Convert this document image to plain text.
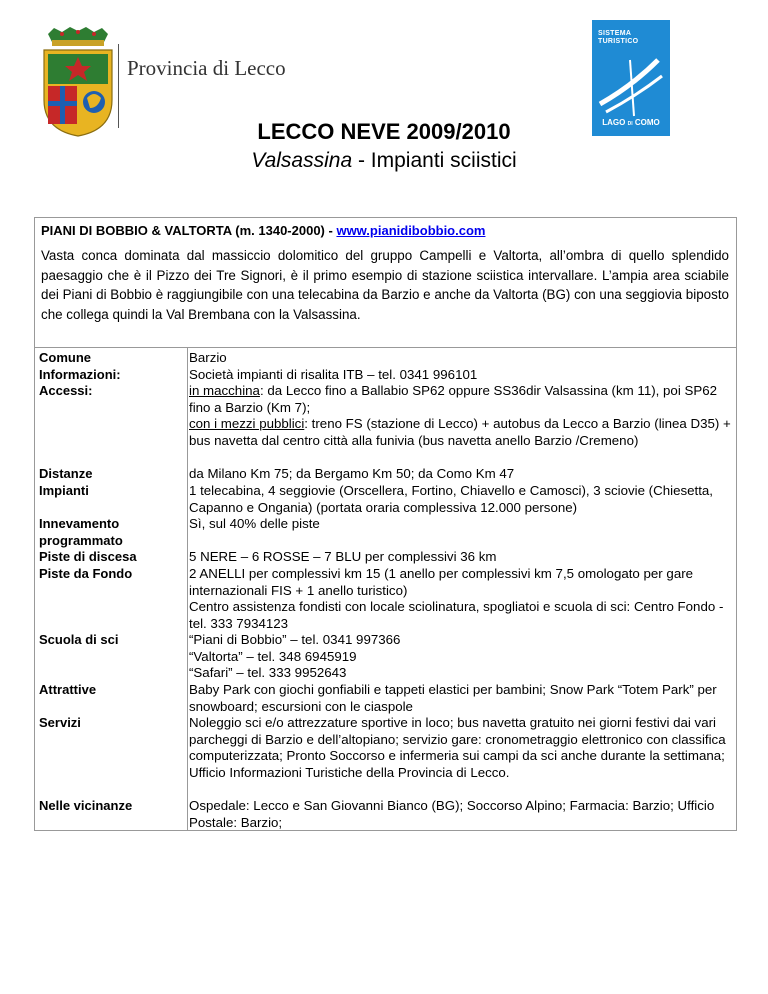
Provincia di Lecco
SISTEMA
TURISTICO
LAGO DI COMO
LECCO NEVE 2009/2010
Valsassina - Impianti sciistici
PIANI DI BOBBIO & VALTORTA (m. 1340-2000) - www.pianidibobbio.com
Vasta conca dominata dal massiccio dolomitico del gruppo Campelli e Valtorta, all’ombra di quello splendido paesaggio che è il Pizzo dei Tre Signori, è il primo esempio di stazione sciistica intervallare. L’ampia area sciabile dei Piani di Bobbio è raggiungibile con una telecabina da Barzio e anche da Valtorta (BG) con una seggiovia biposto che collega quindi la Val Brembana con la Valsassina.
Comune
Informazioni:
Accessi:
Distanze
Impianti
Innevamento
programmato
Piste di discesa
Piste da Fondo
Scuola di sci
Attrattive
Servizi
Nelle vicinanze
Barzio
Società impianti di risalita ITB – tel. 0341 996101
in macchina: da Lecco fino a Ballabio SP62 oppure SS36dir Valsassina (km 11), poi SP62 fino a Barzio (Km 7);
con i mezzi pubblici: treno FS (stazione di Lecco) + autobus da Lecco a Barzio (linea D35) + bus navetta dal centro città alla funivia (bus navetta anello Barzio /Cremeno)
da Milano Km 75; da Bergamo Km 50; da Como Km 47
1 telecabina, 4 seggiovie (Orscellera, Fortino, Chiavello e Camosci), 3 sciovie (Chiesetta, Capanno e Ongania) (portata oraria complessiva 12.000 persone)
Sì, sul 40% delle piste
5 NERE – 6 ROSSE – 7 BLU per complessivi 36 km
2 ANELLI per complessivi km 15 (1 anello per complessivi km 7,5 omologato per gare internazionali FIS + 1 anello turistico)
Centro assistenza fondisti con locale sciolinatura, spogliatoi e scuola di sci: Centro Fondo - tel. 333 7934123
“Piani di Bobbio” – tel. 0341 997366
“Valtorta” – tel. 348 6945919
“Safari” – tel. 333 9952643
Baby Park con giochi gonfiabili e tappeti elastici per bambini; Snow Park “Totem Park” per snowboard; escursioni con le ciaspole
Noleggio sci e/o attrezzature sportive in loco; bus navetta gratuito nei giorni festivi dai vari parcheggi di Barzio e dell’altopiano; servizio gare: cronometraggio elettronico con classifica computerizzata; Pronto Soccorso e infermeria sui campi da sci anche durante la settimana; Ufficio Informazioni Turistiche della Provincia di Lecco.
Ospedale: Lecco e San Giovanni Bianco (BG); Soccorso Alpino; Farmacia: Barzio; Ufficio Postale: Barzio;
